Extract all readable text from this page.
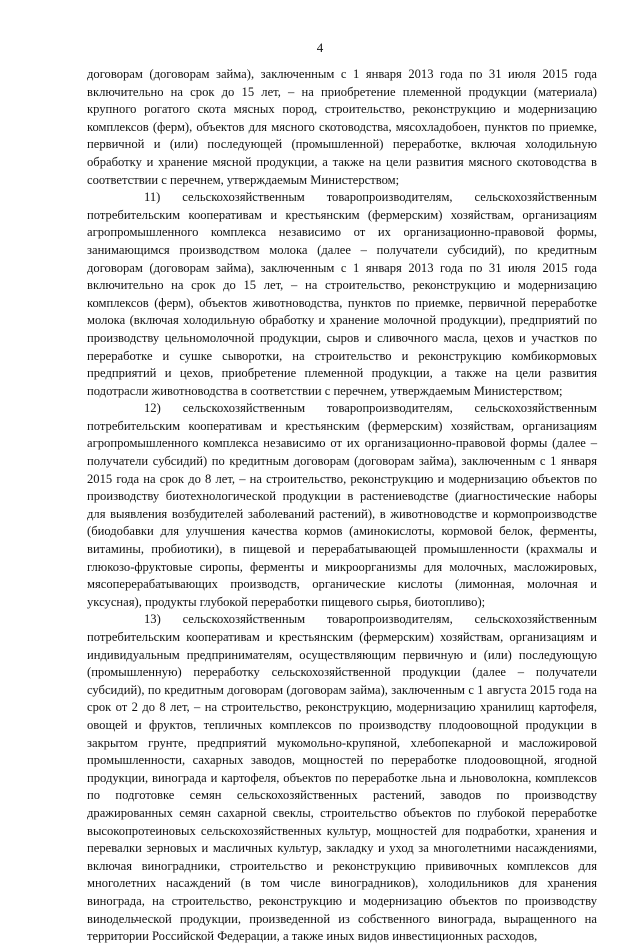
4

договорам (договорам займа), заключенным с 1 января 2013 года по 31 июля 2015 года включительно на срок до 15 лет, – на приобретение племенной продукции (материала) крупного рогатого скота мясных пород, строительство, реконструкцию и модернизацию комплексов (ферм), объектов для мясного скотоводства, мясохладобоен, пунктов по приемке, первичной и (или) последующей (промышленной) переработке, включая холодильную обработку и хранение мясной продукции, а также на цели развития мясного скотоводства в соответствии с перечнем, утверждаемым Министерством;

11) сельскохозяйственным товаропроизводителям, сельскохозяйственным потребительским кооперативам и крестьянским (фермерским) хозяйствам, организациям агропромышленного комплекса независимо от их организационно-правовой формы, занимающимся производством молока (далее – получатели субсидий), по кредитным договорам (договорам займа), заключенным с 1 января 2013 года по 31 июля 2015 года включительно на срок до 15 лет, – на строительство, реконструкцию и модернизацию комплексов (ферм), объектов животноводства, пунктов по приемке, первичной переработке молока (включая холодильную обработку и хранение молочной продукции), предприятий по производству цельномолочной продукции, сыров и сливочного масла, цехов и участков по переработке и сушке сыворотки, на строительство и реконструкцию комбикормовых предприятий и цехов, приобретение племенной продукции, а также на цели развития подотрасли животноводства в соответствии с перечнем, утверждаемым Министерством;

12) сельскохозяйственным товаропроизводителям, сельскохозяйственным потребительским кооперативам и крестьянским (фермерским) хозяйствам, организациям агропромышленного комплекса независимо от их организационно-правовой формы (далее – получатели субсидий) по кредитным договорам (договорам займа), заключенным с 1 января 2015 года на срок до 8 лет, – на строительство, реконструкцию и модернизацию объектов по производству биотехнологической продукции в растениеводстве (диагностические наборы для выявления возбудителей заболеваний растений), в животноводстве и кормопроизводстве (биодобавки для улучшения качества кормов (аминокислоты, кормовой белок, ферменты, витамины, пробиотики), в пищевой и перерабатывающей промышленности (крахмалы и глюкозо-фруктовые сиропы, ферменты и микроорганизмы для молочных, масложировых, мясоперерабатывающих производств, органические кислоты (лимонная, молочная и уксусная), продукты глубокой переработки пищевого сырья, биотопливо);

13) сельскохозяйственным товаропроизводителям, сельскохозяйственным потребительским кооперативам и крестьянским (фермерским) хозяйствам, организациям и индивидуальным предпринимателям, осуществляющим первичную и (или) последующую (промышленную) переработку сельскохозяйственной продукции (далее – получатели субсидий), по кредитным договорам (договорам займа), заключенным с 1 августа 2015 года на срок от 2 до 8 лет, – на строительство, реконструкцию, модернизацию хранилищ картофеля, овощей и фруктов, тепличных комплексов по производству плодоовощной продукции в закрытом грунте, предприятий мукомольно-крупяной, хлебопекарной и масложировой промышленности, сахарных заводов, мощностей по переработке плодоовощной, ягодной продукции, винограда и картофеля, объектов по переработке льна и льноволокна, комплексов по подготовке семян сельскохозяйственных растений, заводов по производству дражированных семян сахарной свеклы, строительство объектов по глубокой переработке высокопротеиновых сельскохозяйственных культур, мощностей для подработки, хранения и перевалки зерновых и масличных культур, закладку и уход за многолетними насаждениями, включая виноградники, строительство и реконструкцию прививочных комплексов для многолетних насаждений (в том числе виноградников), холодильников для хранения винограда, на строительство, реконструкцию и модернизацию объектов по производству винодельческой продукции, произведенной из собственного винограда, выращенного на территории Российской Федерации, а также иных видов инвестиционных расходов,
